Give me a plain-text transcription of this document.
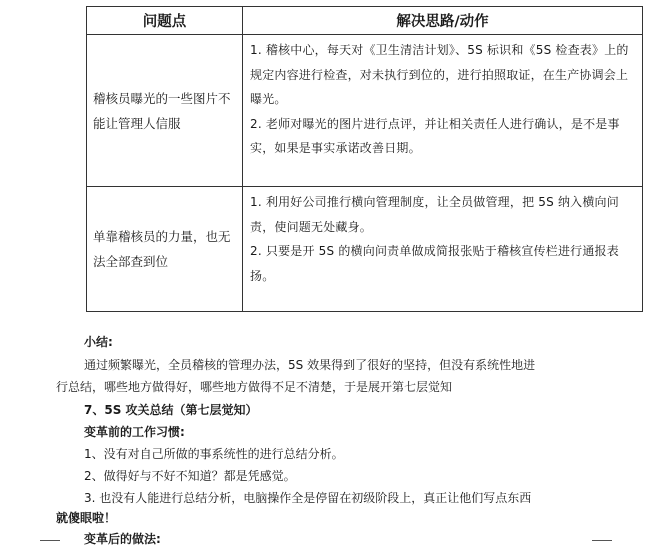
问题点	解决思路/动作
稽核员曝光的一些图片不能让管理人信服	1. 稽核中心，每天对《卫生清洁计划》、5S 标识和《5S 检查表》上的规定内容进行检查，对未执行到位的，进行拍照取证，在生产协调会上曝光。

2. 老师对曝光的图片进行点评，并让相关责任人进行确认，是不是事实，如果是事实承诺改善日期。

单靠稽核员的力量，也无法全部查到位	1. 利用好公司推行横向管理制度，让全员做管理，把 5S 纳入横向问责，使问题无处藏身。

2. 只要是开 5S 的横向问责单做成简报张贴于稽核宣传栏进行通报表扬。

小结:
通过频繁曝光，全员稽核的管理办法，5S 效果得到了很好的坚持，但没有系统性地进
行总结，哪些地方做得好，哪些地方做得不足不清楚，于是展开第七层觉知
7、5S 攻关总结（第七层觉知）
变革前的工作习惯:
1、没有对自己所做的事系统性的进行总结分析。
2、做得好与不好不知道？都是凭感觉。
3. 也没有人能进行总结分析，电脑操作全是停留在初级阶段上，真正让他们写点东西
就傻眼啦！
变革后的做法:
